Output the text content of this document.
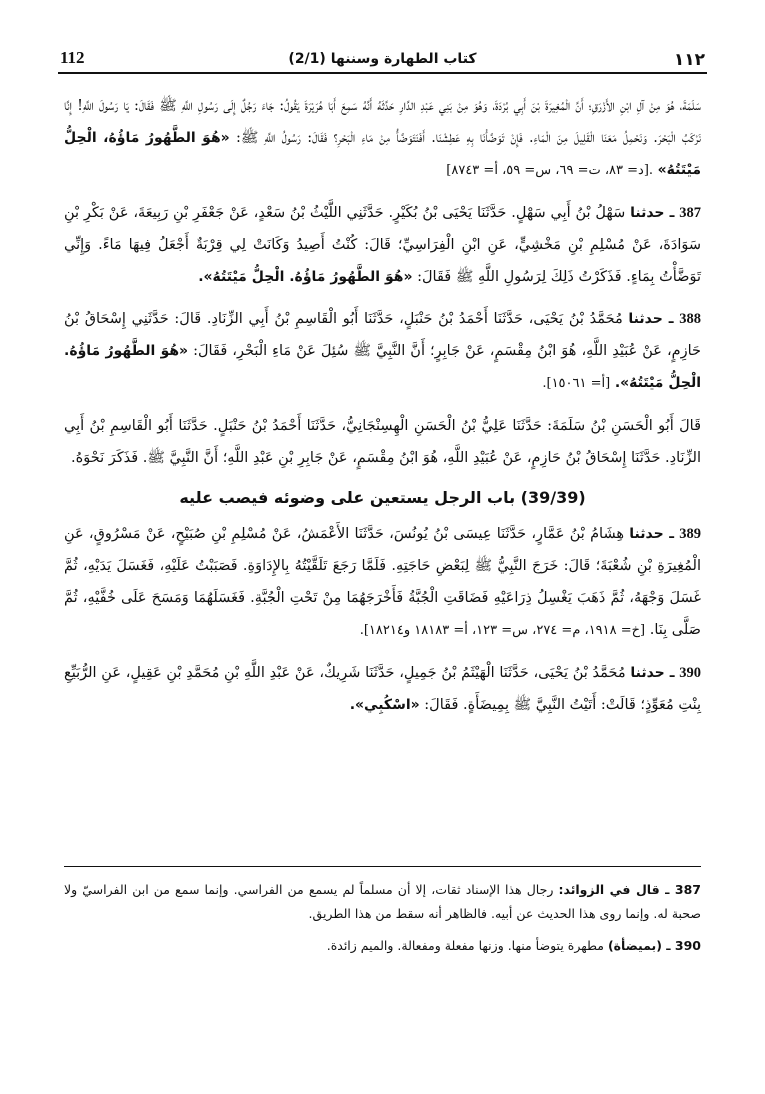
112	(2/1) كتاب الطهارة وسننها	١١٢

سَلَمَةَ، هُوَ مِنْ آلِ ابْنِ الأَزْرَقِ؛ أَنَّ الْمُغِيرَةَ بْنَ أَبِي بُرْدَةَ، وَهُوَ مِنْ بَنِي عَبْدِ الدَّارِ حَدَّثَهُ أَنَّهُ سَمِعَ أَبَا هُرَيْرَةَ يَقُولُ: جَاءَ رَجُلٌ إِلَى رَسُولِ اللَّهِ ﷺ فَقَالَ: يَا رَسُولَ اللَّهِ! إِنَّا نَرْكَبُ الْبَحْرَ. وَنَحْمِلُ مَعَنَا الْقَلِيلَ مِنَ الْمَاءِ. فَإِنْ تَوَضَّأْنَا بِهِ عَطِشْنَا. أَفَنَتَوَضَّأُ مِنْ مَاءِ الْبَحْرِ؟ فَقَالَ: رَسُولُ اللَّهِ ﷺ: «هُوَ الطَّهُورُ مَاؤُهُ، الْحِلُّ مَيْتَتُهُ» .[د= ٨٣، ت= ٦٩، س= ٥٩، أ= ٨٧٤٣]

387 ـ حدثنا سَهْلُ بْنُ أَبِي سَهْلٍ. حَدَّثَنَا يَحْيَى بْنُ بُكَيْرٍ. حَدَّثَنِي اللَّيْثُ بْنُ سَعْدٍ، عَنْ جَعْفَرِ بْنِ رَبِيعَةَ، عَنْ بَكْرِ بْنِ سَوَادَةَ، عَنْ مُسْلِمِ بْنِ مَخْشِيٍّ، عَنِ ابْنِ الْفِرَاسِيِّ؛ قَالَ: كُنْتُ أَصِيدُ وَكَانَتْ لِي قِرْبَةٌ أَجْعَلُ فِيهَا مَاءً. وَإِنِّي تَوَضَّأْتُ بِمَاءٍ. فَذَكَرْتُ ذَلِكَ لِرَسُولِ اللَّهِ ﷺ فَقَالَ: «هُوَ الطَّهُورُ مَاؤُهُ. الْحِلُّ مَيْتَتُهُ».

388 ـ حدثنا مُحَمَّدُ بْنُ يَحْيَى، حَدَّثَنَا أَحْمَدُ بْنُ حَنْبَلٍ، حَدَّثَنَا أَبُو الْقَاسِمِ بْنُ أَبِي الزِّنَادِ. قَالَ: حَدَّثَنِي إِسْحَاقُ بْنُ حَازِمٍ، عَنْ عُبَيْدِ اللَّهِ، هُوَ ابْنُ مِقْسَمٍ، عَنْ جَابِرٍ؛ أَنَّ النَّبِيَّ ﷺ سُئِلَ عَنْ مَاءِ الْبَحْرِ، فَقَالَ: «هُوَ الطَّهُورُ مَاؤُهُ. الْحِلُّ مَيْتَتُهُ». [أ= ١٥٠٦١].

قَالَ أَبُو الْحَسَنِ بْنُ سَلَمَةَ: حَدَّثَنَا عَلِيُّ بْنُ الْحَسَنِ الْهِسِنْجَانِيُّ، حَدَّثَنَا أَحْمَدُ بْنُ حَنْبَلٍ. حَدَّثَنَا أَبُو الْقَاسِمِ بْنُ أَبِي الزِّنَادِ. حَدَّثَنَا إِسْحَاقُ بْنُ حَازِمٍ، عَنْ عُبَيْدِ اللَّهِ، هُوَ ابْنُ مِقْسَمٍ، عَنْ جَابِرِ بْنِ عَبْدِ اللَّهِ؛ أَنَّ النَّبِيَّ ﷺ. فَذَكَرَ نَحْوَهُ.

(39/39) باب الرجل يستعين على وضوئه فيصب عليه

389 ـ حدثنا هِشَامُ بْنُ عَمَّارٍ، حَدَّثَنَا عِيسَى بْنُ يُونُسَ، حَدَّثَنَا الأَعْمَشُ، عَنْ مُسْلِمِ بْنِ صُبَيْحٍ، عَنْ مَسْرُوقٍ، عَنِ الْمُغِيرَةِ بْنِ شُعْبَةَ؛ قَالَ: خَرَجَ النَّبِيُّ ﷺ لِبَعْضِ حَاجَتِهِ. فَلَمَّا رَجَعَ تَلَقَّيْتُهُ بِالإِدَاوَةِ. فَصَبَبْتُ عَلَيْهِ، فَغَسَلَ يَدَيْهِ، ثُمَّ غَسَلَ وَجْهَهُ، ثُمَّ ذَهَبَ يَغْسِلُ ذِرَاعَيْهِ فَضَاقَتِ الْجُبَّةُ فَأَخْرَجَهُمَا مِنْ تَحْتِ الْجُبَّةِ. فَغَسَلَهُمَا وَمَسَحَ عَلَى خُفَّيْهِ، ثُمَّ صَلَّى بِنَا. [خ= ١٩١٨، م= ٢٧٤، س= ١٢٣، أ= ١٨١٨٣ و١٨٢١٤].

390 ـ حدثنا مُحَمَّدُ بْنُ يَحْيَى، حَدَّثَنَا الْهَيْثَمُ بْنُ جَمِيلٍ، حَدَّثَنَا شَرِيكٌ، عَنْ عَبْدِ اللَّهِ بْنِ مُحَمَّدِ بْنِ عَقِيلٍ، عَنِ الرُّبَيِّعِ بِنْتِ مُعَوِّذٍ؛ قَالَتْ: أَتَيْتُ النَّبِيَّ ﷺ بِمِيضَأَةٍ. فَقَالَ: «اسْكُبِي».

387 ـ قال في الزوائد: رجال هذا الإسناد ثقات، إلا أن مسلماً لم يسمع من الفراسي. وإنما سمع من ابن الفراسيّ ولا صحبة له. وإنما روى هذا الحديث عن أبيه. فالظاهر أنه سقط من هذا الطريق.

390 ـ (بميضأة) مطهرة يتوضأ منها. وزنها مفعلة ومفعالة. والميم زائدة.
